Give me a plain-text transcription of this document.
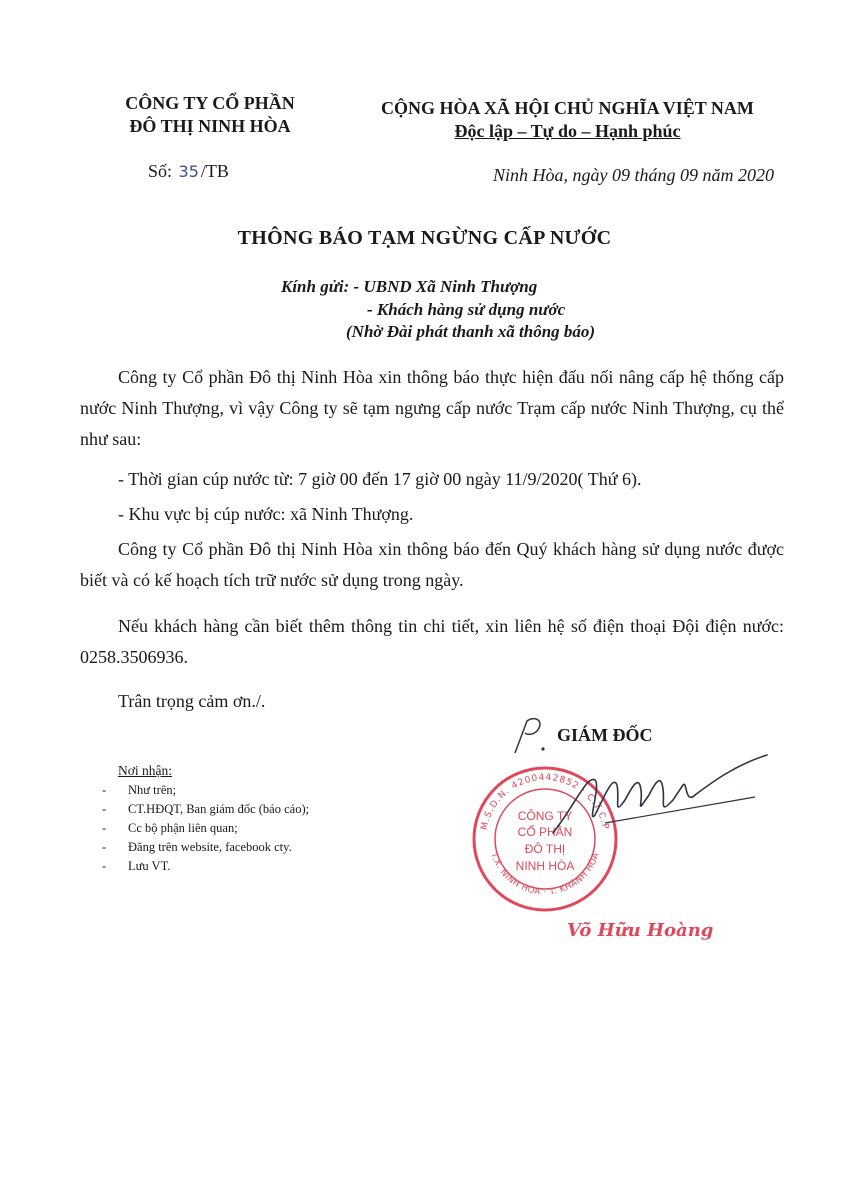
CÔNG TY CỔ PHẦN
ĐÔ THỊ NINH HÒA
CỘNG HÒA XÃ HỘI CHỦ NGHĨA VIỆT NAM
Độc lập – Tự do – Hạnh phúc
Số: 35 /TB	Ninh Hòa, ngày 09 tháng 09 năm 2020
THÔNG BÁO TẠM NGỪNG CẤP NƯỚC
Kính gửi: - UBND Xã Ninh Thượng
- Khách hàng sử dụng nước
(Nhờ Đài phát thanh xã thông báo)
Công ty Cổ phần Đô thị Ninh Hòa xin thông báo thực hiện đấu nối nâng cấp hệ thống cấp nước Ninh Thượng, vì vậy Công ty sẽ tạm ngưng cấp nước Trạm cấp nước Ninh Thượng, cụ thể như sau:
- Thời gian cúp nước từ: 7 giờ 00 đến 17 giờ 00 ngày 11/9/2020( Thứ 6).
- Khu vực bị cúp nước: xã Ninh Thượng.
Công ty Cổ phần Đô thị Ninh Hòa xin thông báo đến Quý khách hàng sử dụng nước được biết và có kế hoạch tích trữ nước sử dụng trong ngày.
Nếu khách hàng cần biết thêm thông tin chi tiết, xin liên hệ số điện thoại Đội điện nước: 0258.3506936.
Trân trọng cảm ơn./.
Nơi nhận:
- Như trên;
- CT.HĐQT, Ban giám đốc (báo cáo);
- Cc bộ phận liên quan;
- Đăng trên website, facebook cty.
- Lưu VT.
GIÁM ĐỐC
M.S.D.N. 4200442852 · C.T.C.P
T.X. NINH HÒA · T. KHÁNH HÒA
CÔNG TY
CỔ PHẦN
ĐÔ THỊ
NINH HÒA
Võ Hữu Hoàng
